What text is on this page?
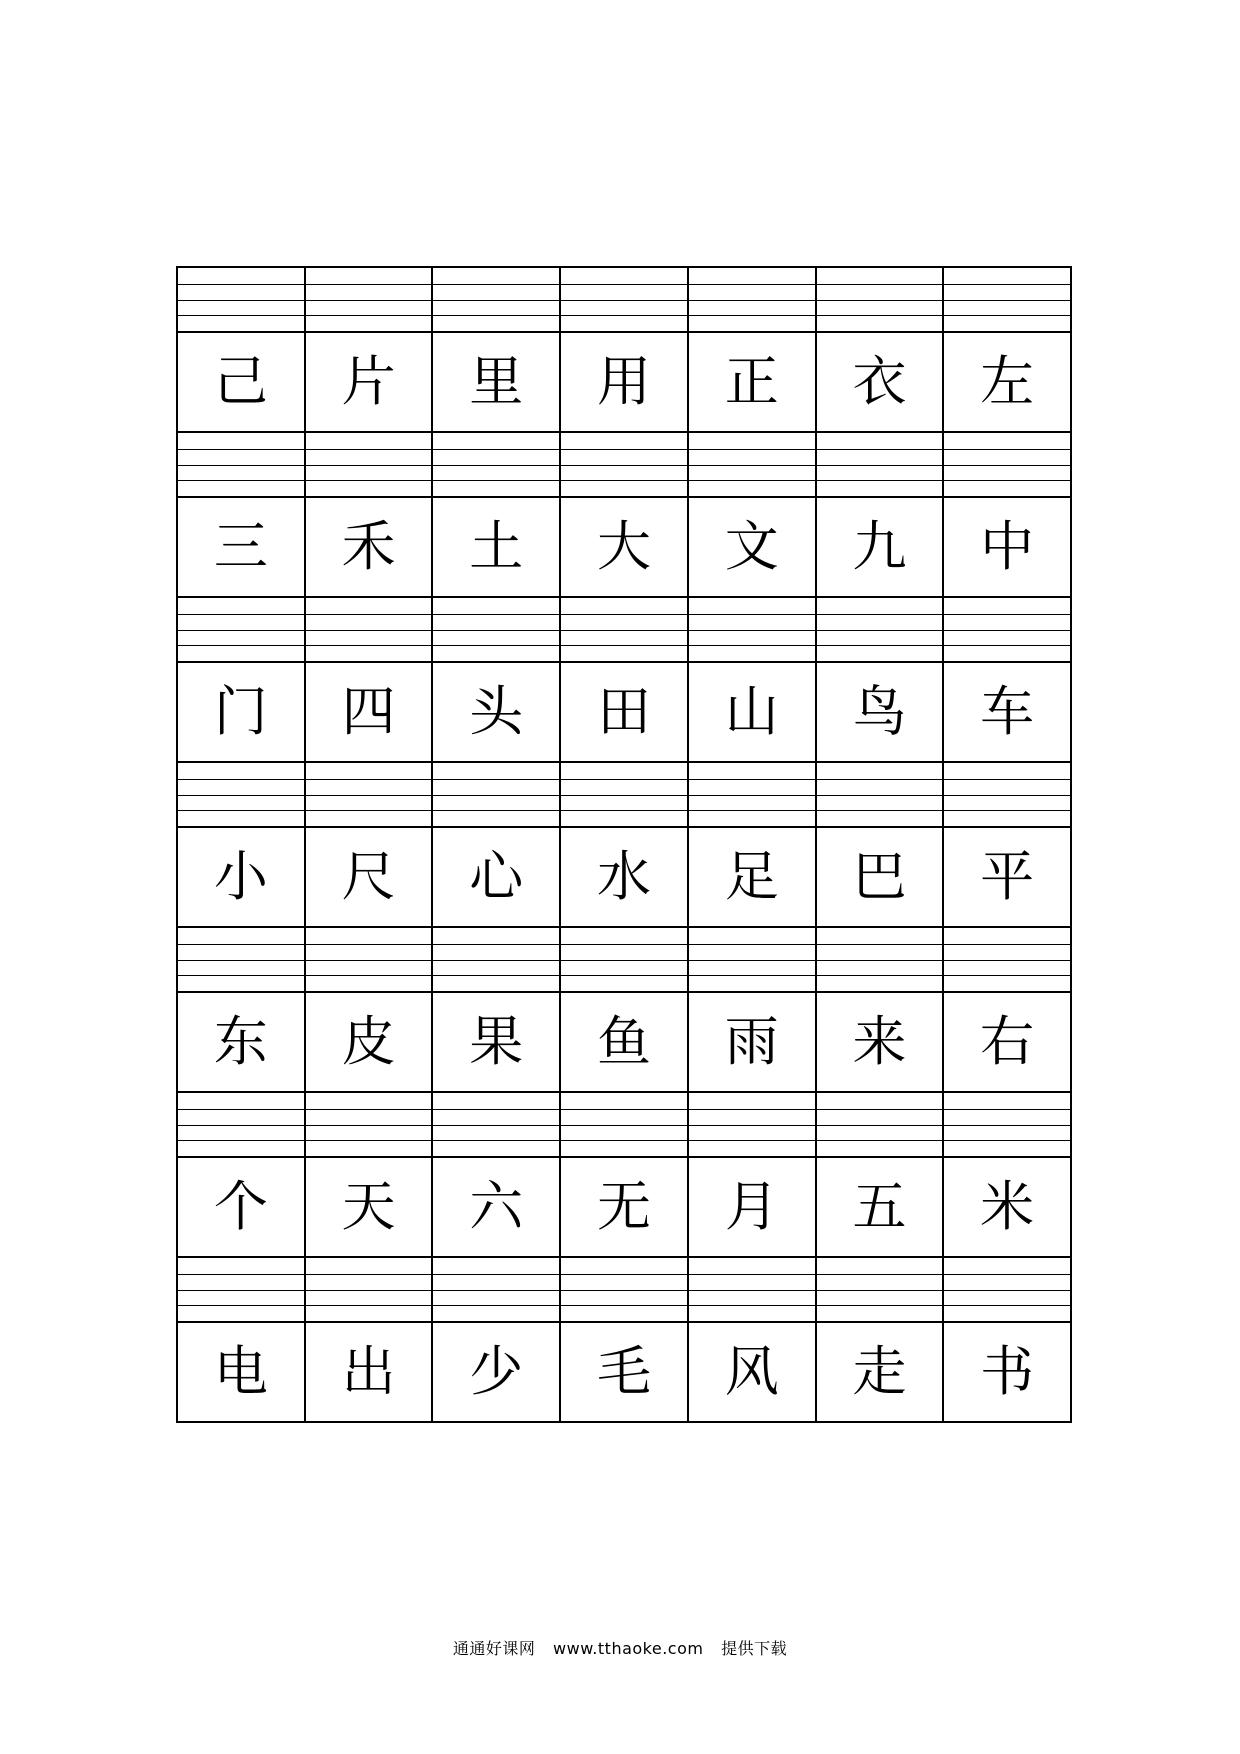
己	片	里	用	正	衣	左
三	禾	土	大	文	九	中
门	四	头	田	山	鸟	车
小	尺	心	水	足	巴	平
东	皮	果	鱼	雨	来	右
个	天	六	无	月	五	米
电	出	少	毛	风	走	书
通通好课网 www.tthaoke.com 提供下载
